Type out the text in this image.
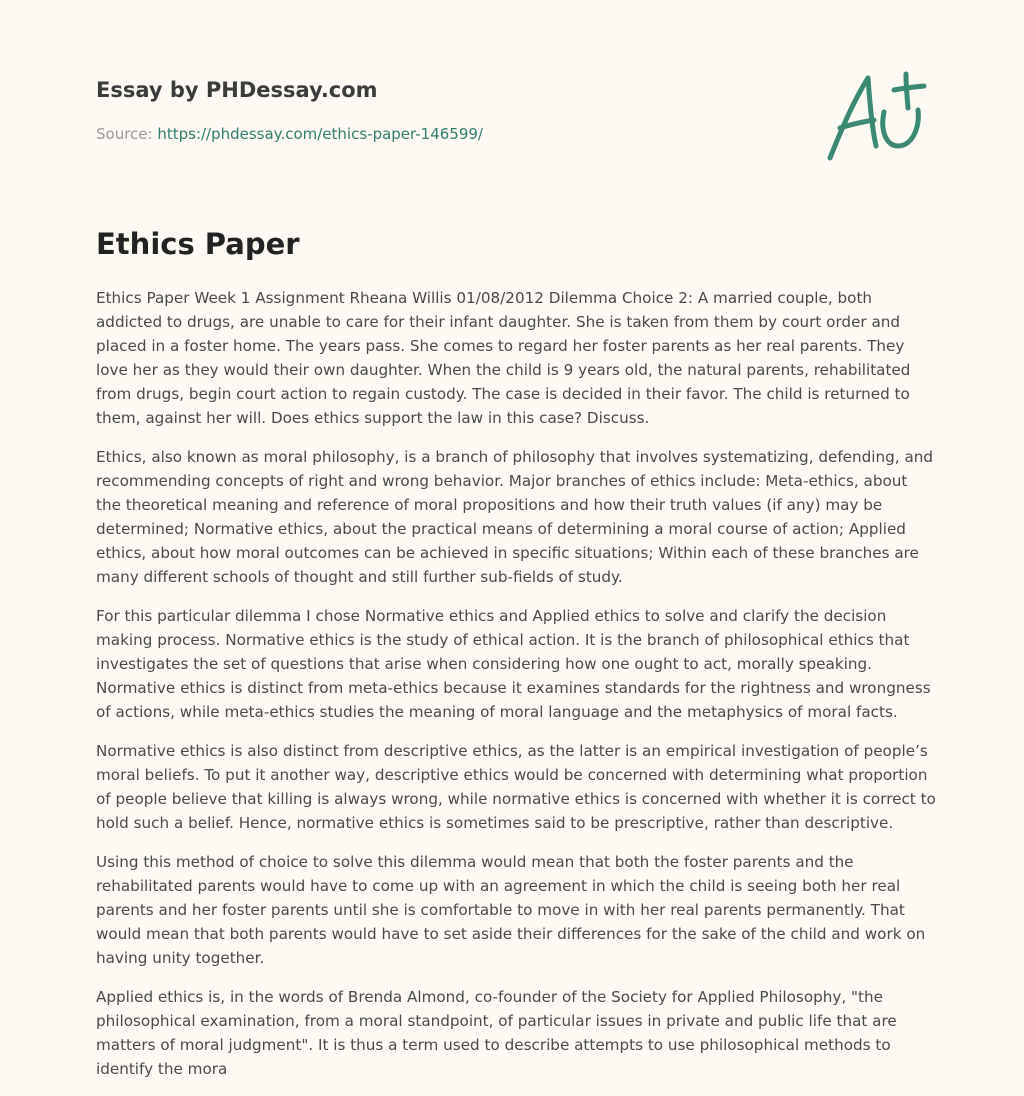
Essay by PHDessay.com
Source: https://phdessay.com/ethics-paper-146599/
Ethics Paper

Ethics Paper Week 1 Assignment Rheana Willis 01/08/2012 Dilemma Choice 2: A married couple, both addicted to drugs, are unable to care for their infant daughter. She is taken from them by court order and placed in a foster home. The years pass. She comes to regard her foster parents as her real parents. They love her as they would their own daughter. When the child is 9 years old, the natural parents, rehabilitated from drugs, begin court action to regain custody. The case is decided in their favor. The child is returned to them, against her will. Does ethics support the law in this case? Discuss.

Ethics, also known as moral philosophy, is a branch of philosophy that involves systematizing, defending, and recommending concepts of right and wrong behavior. Major branches of ethics include: Meta-ethics, about the theoretical meaning and reference of moral propositions and how their truth values (if any) may be determined; Normative ethics, about the practical means of determining a moral course of action; Applied ethics, about how moral outcomes can be achieved in specific situations; Within each of these branches are many different schools of thought and still further sub-fields of study.

For this particular dilemma I chose Normative ethics and Applied ethics to solve and clarify the decision making process. Normative ethics is the study of ethical action. It is the branch of philosophical ethics that investigates the set of questions that arise when considering how one ought to act, morally speaking. Normative ethics is distinct from meta-ethics because it examines standards for the rightness and wrongness of actions, while meta-ethics studies the meaning of moral language and the metaphysics of moral facts.

Normative ethics is also distinct from descriptive ethics, as the latter is an empirical investigation of people’s moral beliefs. To put it another way, descriptive ethics would be concerned with determining what proportion of people believe that killing is always wrong, while normative ethics is concerned with whether it is correct to hold such a belief. Hence, normative ethics is sometimes said to be prescriptive, rather than descriptive.

Using this method of choice to solve this dilemma would mean that both the foster parents and the rehabilitated parents would have to come up with an agreement in which the child is seeing both her real parents and her foster parents until she is comfortable to move in with her real parents permanently. That would mean that both parents would have to set aside their differences for the sake of the child and work on having unity together.

Applied ethics is, in the words of Brenda Almond, co-founder of the Society for Applied Philosophy, "the philosophical examination, from a moral standpoint, of particular issues in private and public life that are matters of moral judgment". It is thus a term used to describe attempts to use philosophical methods to identify the mora
